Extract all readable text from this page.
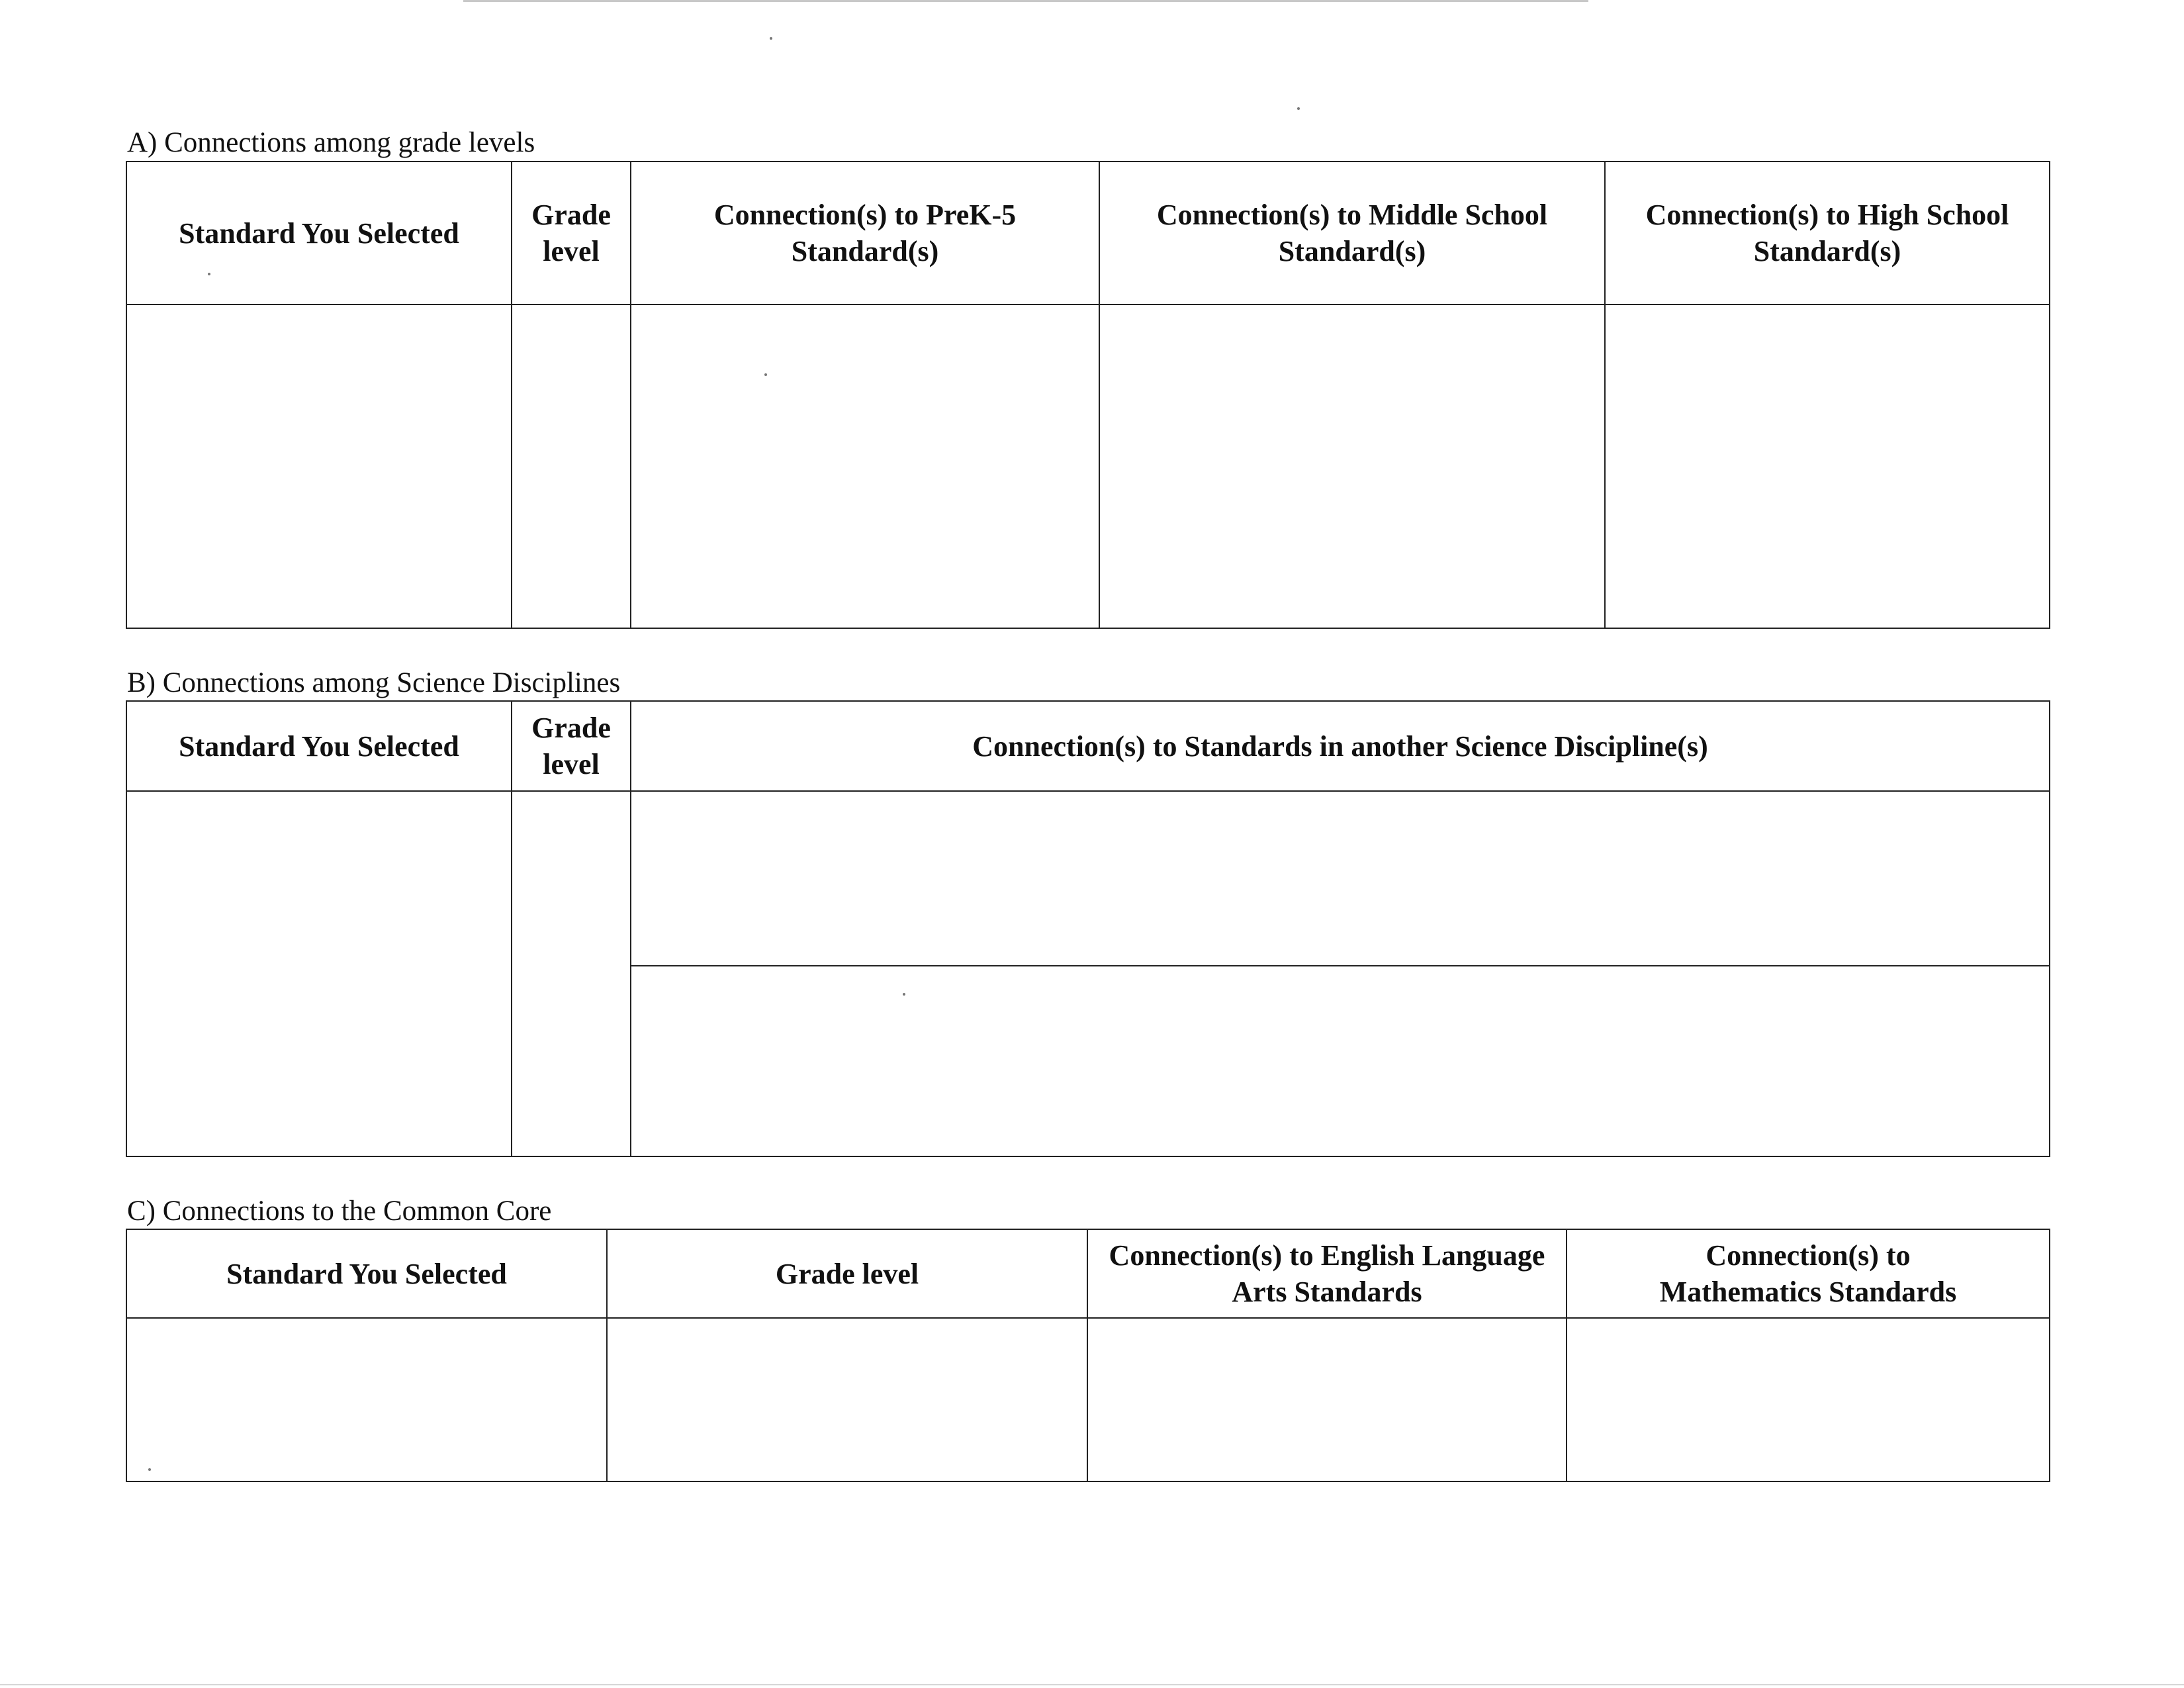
A) Connections among grade levels
Standard You Selected	Grade level	Connection(s) to PreK-5 Standard(s)	Connection(s) to Middle School Standard(s)	Connection(s) to High School Standard(s)

B) Connections among Science Disciplines
Standard You Selected	Grade level	Connection(s) to Standards in another Science Discipline(s)

C) Connections to the Common Core
Standard You Selected	Grade level	Connection(s) to English Language Arts Standards	Connection(s) to Mathematics Standards
